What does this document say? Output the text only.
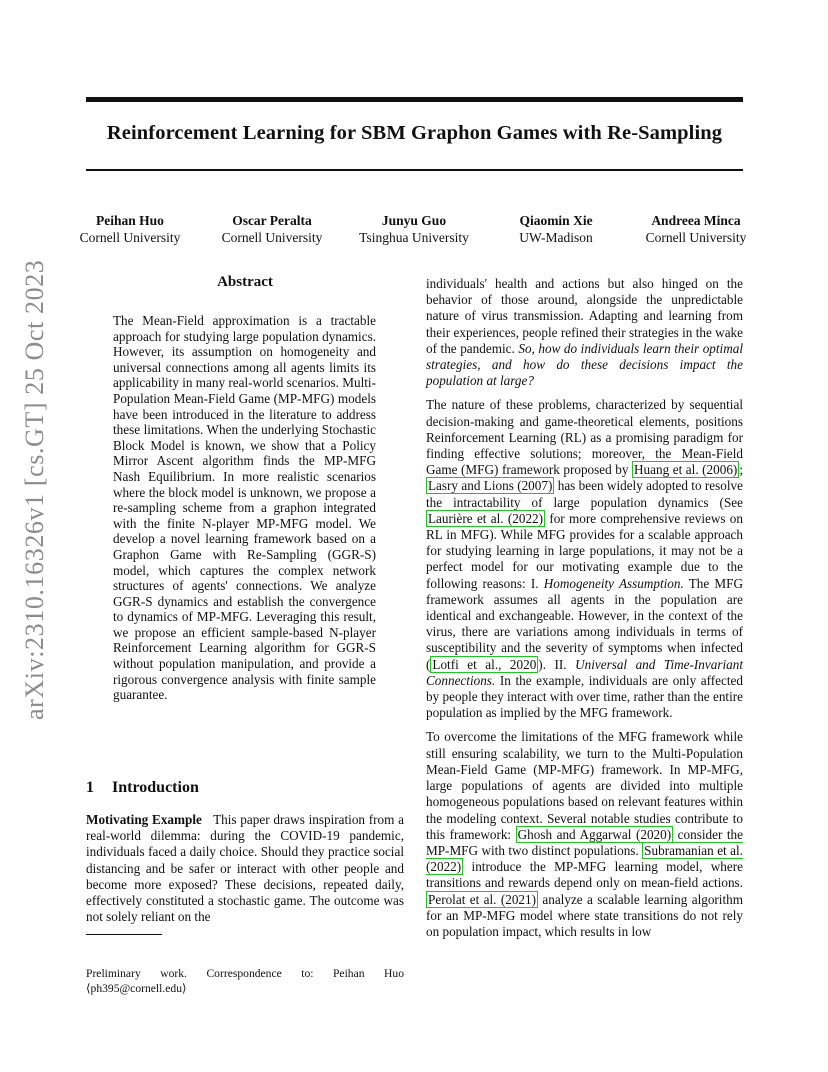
Reinforcement Learning for SBM Graphon Games with Re-Sampling
Peihan Huo
Cornell University
Oscar Peralta
Cornell University
Junyu Guo
Tsinghua University
Qiaomin Xie
UW-Madison
Andreea Minca
Cornell University
arXiv:2310.16326v1 [cs.GT] 25 Oct 2023	Abstract
The Mean-Field approximation is a tractable approach for studying large population dynamics. However, its assumption on homogeneity and universal connections among all agents limits its applicability in many real-world scenarios. Multi-Population Mean-Field Game (MP-MFG) models have been introduced in the literature to address these limitations. When the underlying Stochastic Block Model is known, we show that a Policy Mirror Ascent algorithm finds the MP-MFG Nash Equilibrium. In more realistic scenarios where the block model is unknown, we propose a re-sampling scheme from a graphon integrated with the finite N-player MP-MFG model. We develop a novel learning framework based on a Graphon Game with Re-Sampling (GGR-S) model, which captures the complex network structures of agents' connections. We analyze GGR-S dynamics and establish the convergence to dynamics of MP-MFG. Leveraging this result, we propose an efficient sample-based N-player Reinforcement Learning algorithm for GGR-S without population manipulation, and provide a rigorous convergence analysis with finite sample guarantee.
1 Introduction
Motivating Example This paper draws inspiration from a real-world dilemma: during the COVID-19 pandemic, individuals faced a daily choice. Should they practice social distancing and be safer or interact with other people and become more exposed? These decisions, repeated daily, effectively constituted a stochastic game. The outcome was not solely reliant on the
Preliminary work. Correspondence to: Peihan Huo ⟨ph395@cornell.edu⟩

individuals' health and actions but also hinged on the behavior of those around, alongside the unpredictable nature of virus transmission. Adapting and learning from their experiences, people refined their strategies in the wake of the pandemic. So, how do individuals learn their optimal strategies, and how do these decisions impact the population at large?

The nature of these problems, characterized by sequential decision-making and game-theoretical elements, positions Reinforcement Learning (RL) as a promising paradigm for finding effective solutions; moreover, the Mean-Field Game (MFG) framework proposed by Huang et al. (2006) ; Lasry and Lions (2007) has been widely adopted to resolve the intractability of large population dynamics (See Laurière et al. (2022) for more comprehensive reviews on RL in MFG). While MFG provides for a scalable approach for studying learning in large populations, it may not be a perfect model for our motivating example due to the following reasons: I. Homogeneity Assumption. The MFG framework assumes all agents in the population are identical and exchangeable. However, in the context of the virus, there are variations among individuals in terms of susceptibility and the severity of symptoms when infected ( Lotfi et al., 2020 ). II. Universal and Time-Invariant Connections. In the example, individuals are only affected by people they interact with over time, rather than the entire population as implied by the MFG framework.

To overcome the limitations of the MFG framework while still ensuring scalability, we turn to the Multi-Population Mean-Field Game (MP-MFG) framework. In MP-MFG, large populations of agents are divided into multiple homogeneous populations based on relevant features within the modeling context. Several notable studies contribute to this framework: Ghosh and Aggarwal (2020) consider the MP-MFG with two distinct populations. Subramanian et al. (2022) introduce the MP-MFG learning model, where transitions and rewards depend only on mean-field actions. Perolat et al. (2021) analyze a scalable learning algorithm for an MP-MFG model where state transitions do not rely on population impact, which results in low
